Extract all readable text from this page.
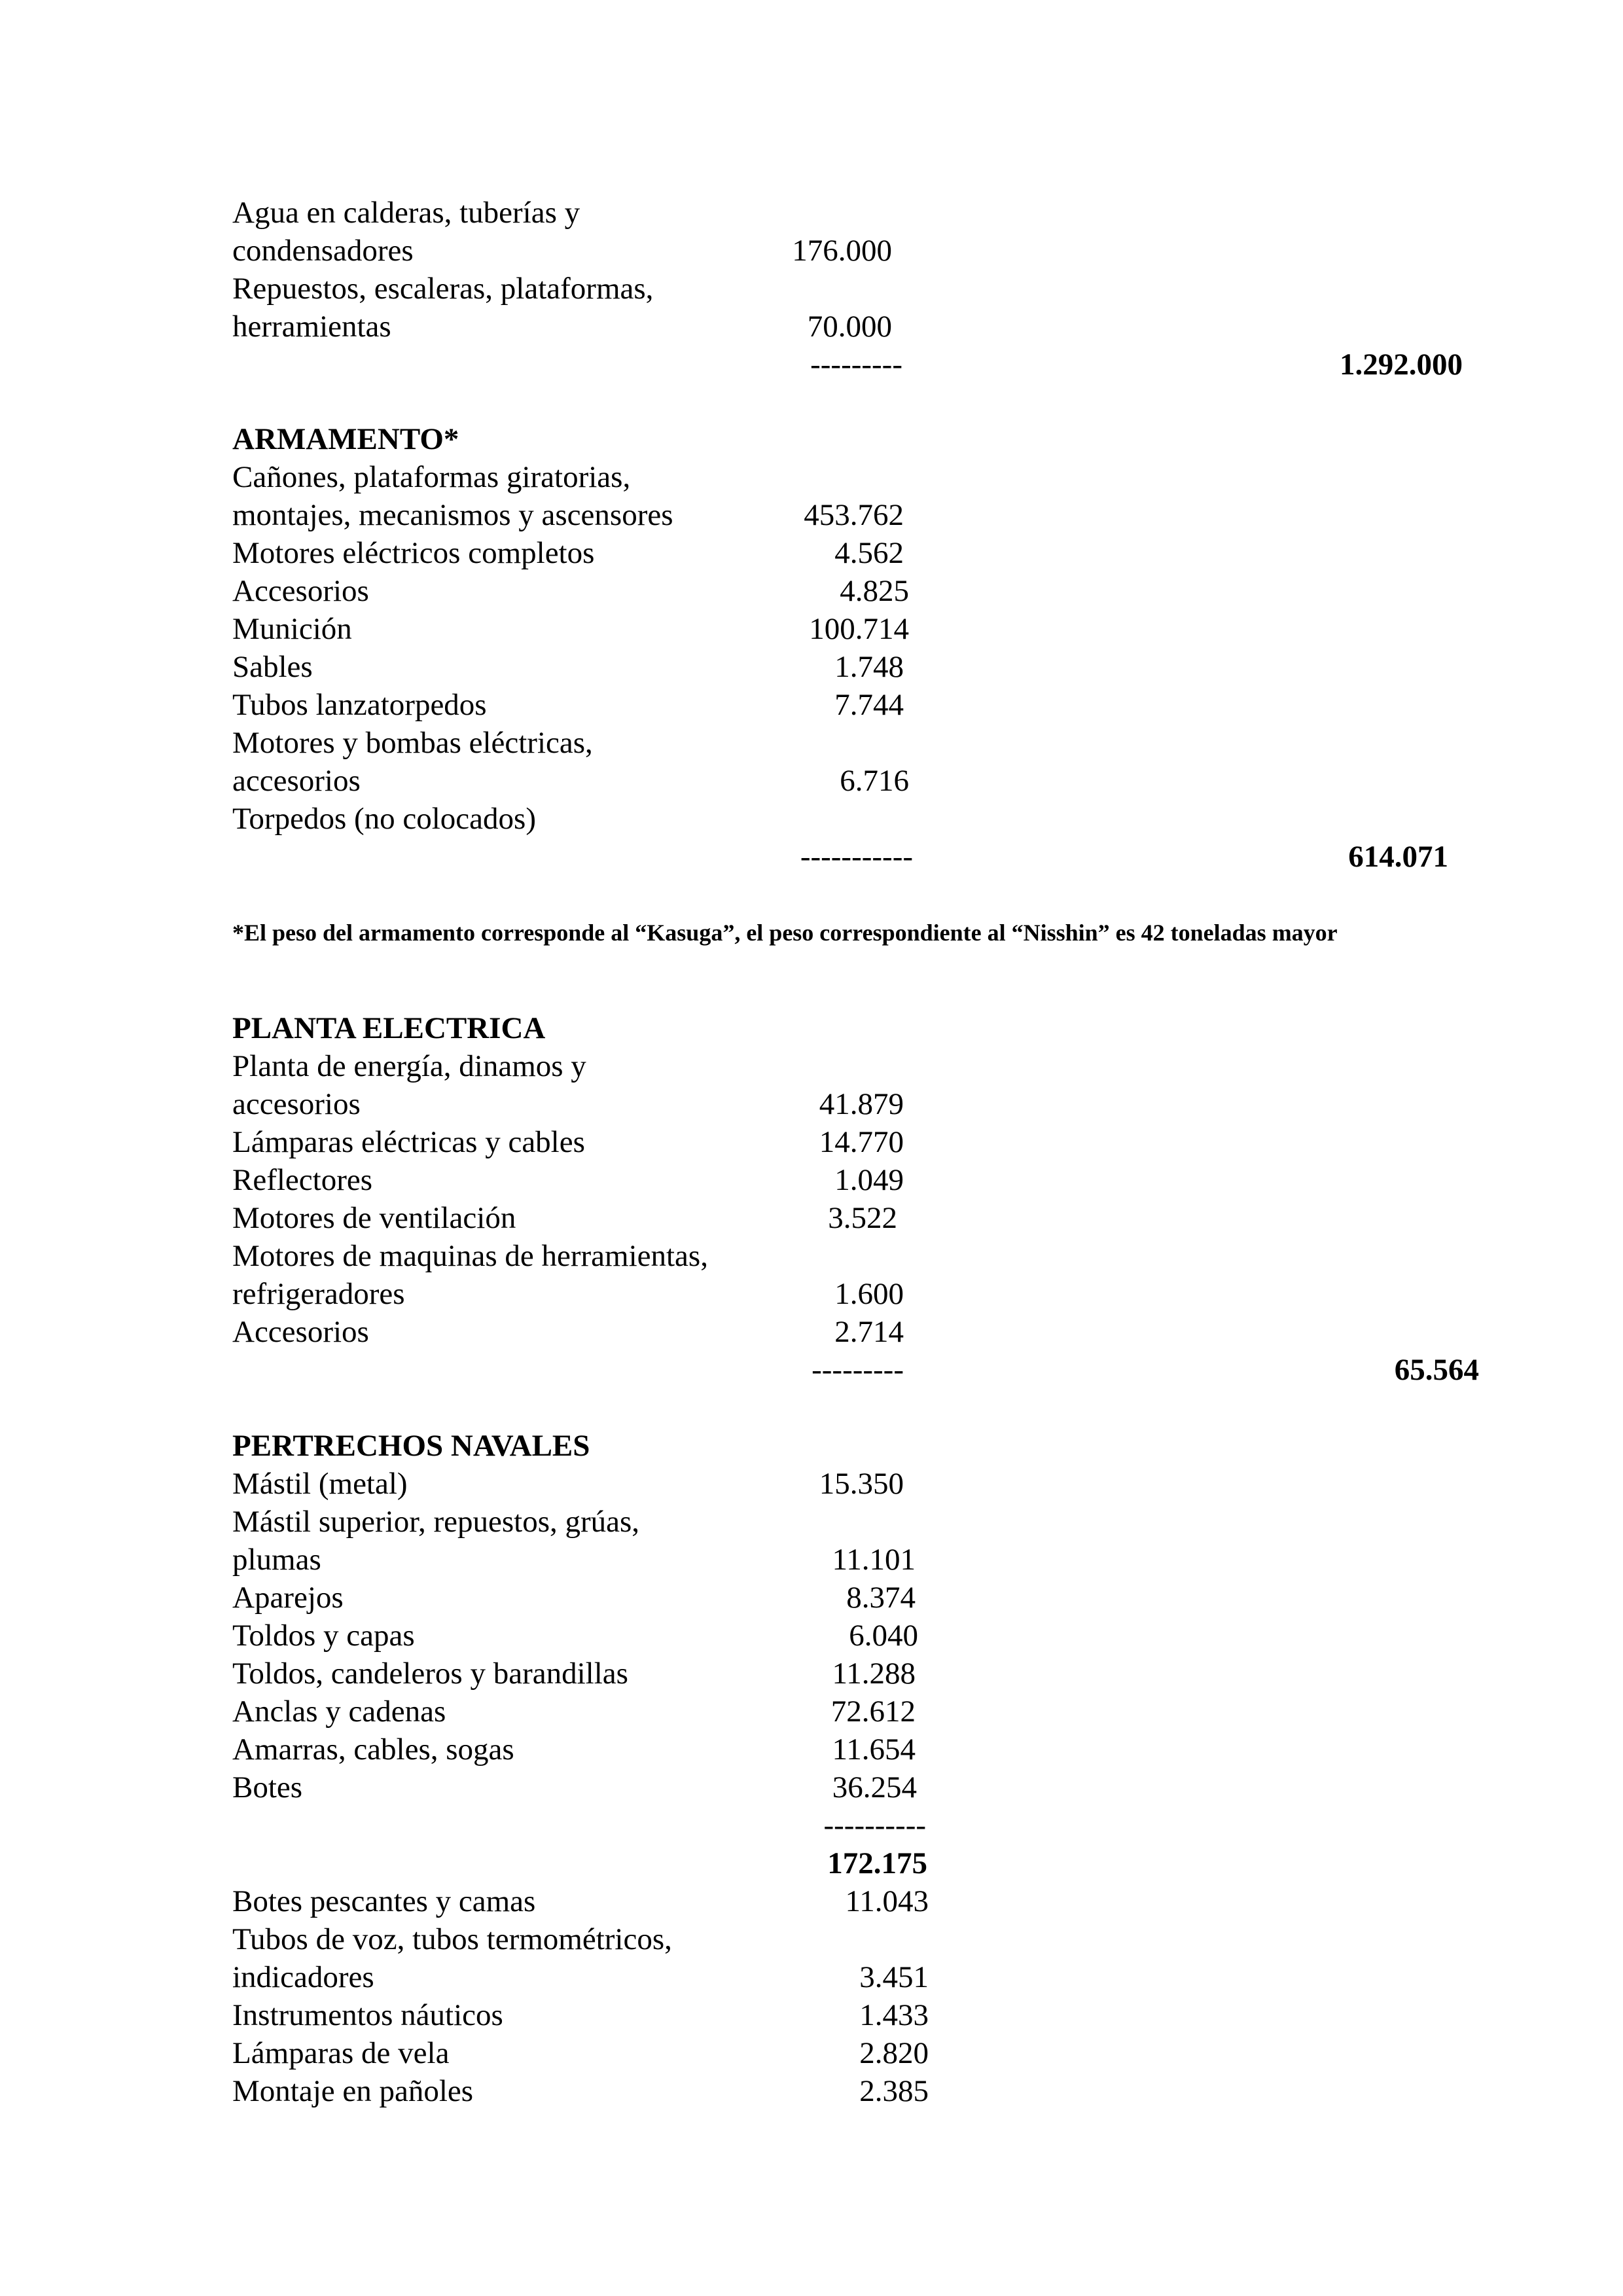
Agua en calderas, tuberías y
condensadores	176.000
Repuestos, escaleras, plataformas,
herramientas	70.000
---------	1.292.000
ARMAMENTO*
Cañones, plataformas giratorias,
montajes, mecanismos y ascensores	453.762
Motores eléctricos completos	4.562
Accesorios	4.825
Munición	100.714
Sables	1.748
Tubos lanzatorpedos	7.744
Motores y bombas eléctricas,
accesorios	6.716
Torpedos (no colocados)
-----------	614.071
*El peso del armamento corresponde al “Kasuga”, el peso correspondiente al “Nisshin” es 42 toneladas mayor
PLANTA ELECTRICA
Planta de energía, dinamos y
accesorios	41.879
Lámparas eléctricas y cables	14.770
Reflectores	1.049
Motores de ventilación	3.522
Motores de maquinas de herramientas,
refrigeradores	1.600
Accesorios	2.714
---------	65.564
PERTRECHOS NAVALES
Mástil (metal)	15.350
Mástil superior, repuestos, grúas,
plumas	11.101
Aparejos	8.374
Toldos y capas	6.040
Toldos, candeleros y barandillas	11.288
Anclas y cadenas	72.612
Amarras, cables, sogas	11.654
Botes	36.254
----------
172.175
Botes pescantes y camas	11.043
Tubos de voz, tubos termométricos,
indicadores	3.451
Instrumentos náuticos	1.433
Lámparas de vela	2.820
Montaje en pañoles	2.385
